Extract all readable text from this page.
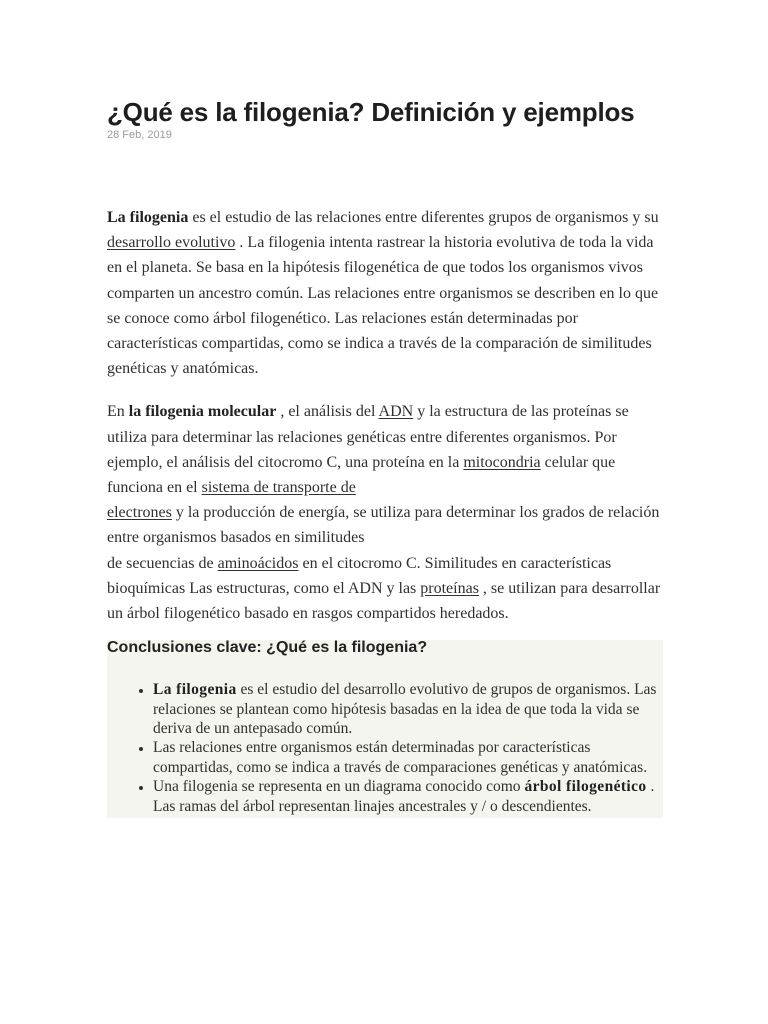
¿Qué es la filogenia? Definición y ejemplos
28 Feb, 2019

La filogenia es el estudio de las relaciones entre diferentes grupos de organismos y su desarrollo evolutivo . La filogenia intenta rastrear la historia evolutiva de toda la vida en el planeta. Se basa en la hipótesis filogenética de que todos los organismos vivos comparten un ancestro común. Las relaciones entre organismos se describen en lo que se conoce como árbol filogenético. Las relaciones están determinadas por características compartidas, como se indica a través de la comparación de similitudes genéticas y anatómicas.

En la filogenia molecular , el análisis del ADN y la estructura de las proteínas se utiliza para determinar las relaciones genéticas entre diferentes organismos. Por ejemplo, el análisis del citocromo C, una proteína en la mitocondria celular que funciona en el sistema de transporte de
electrones y la producción de energía, se utiliza para determinar los grados de relación entre organismos basados en similitudes
de secuencias de aminoácidos en el citocromo C. Similitudes en características bioquímicas Las estructuras, como el ADN y las proteínas , se utilizan para desarrollar un árbol filogenético basado en rasgos compartidos heredados.

Conclusiones clave: ¿Qué es la filogenia?
• La filogenia es el estudio del desarrollo evolutivo de grupos de organismos. Las relaciones se plantean como hipótesis basadas en la idea de que toda la vida se deriva de un antepasado común.
• Las relaciones entre organismos están determinadas por características compartidas, como se indica a través de comparaciones genéticas y anatómicas.
• Una filogenia se representa en un diagrama conocido como árbol filogenético . Las ramas del árbol representan linajes ancestrales y / o descendientes.
